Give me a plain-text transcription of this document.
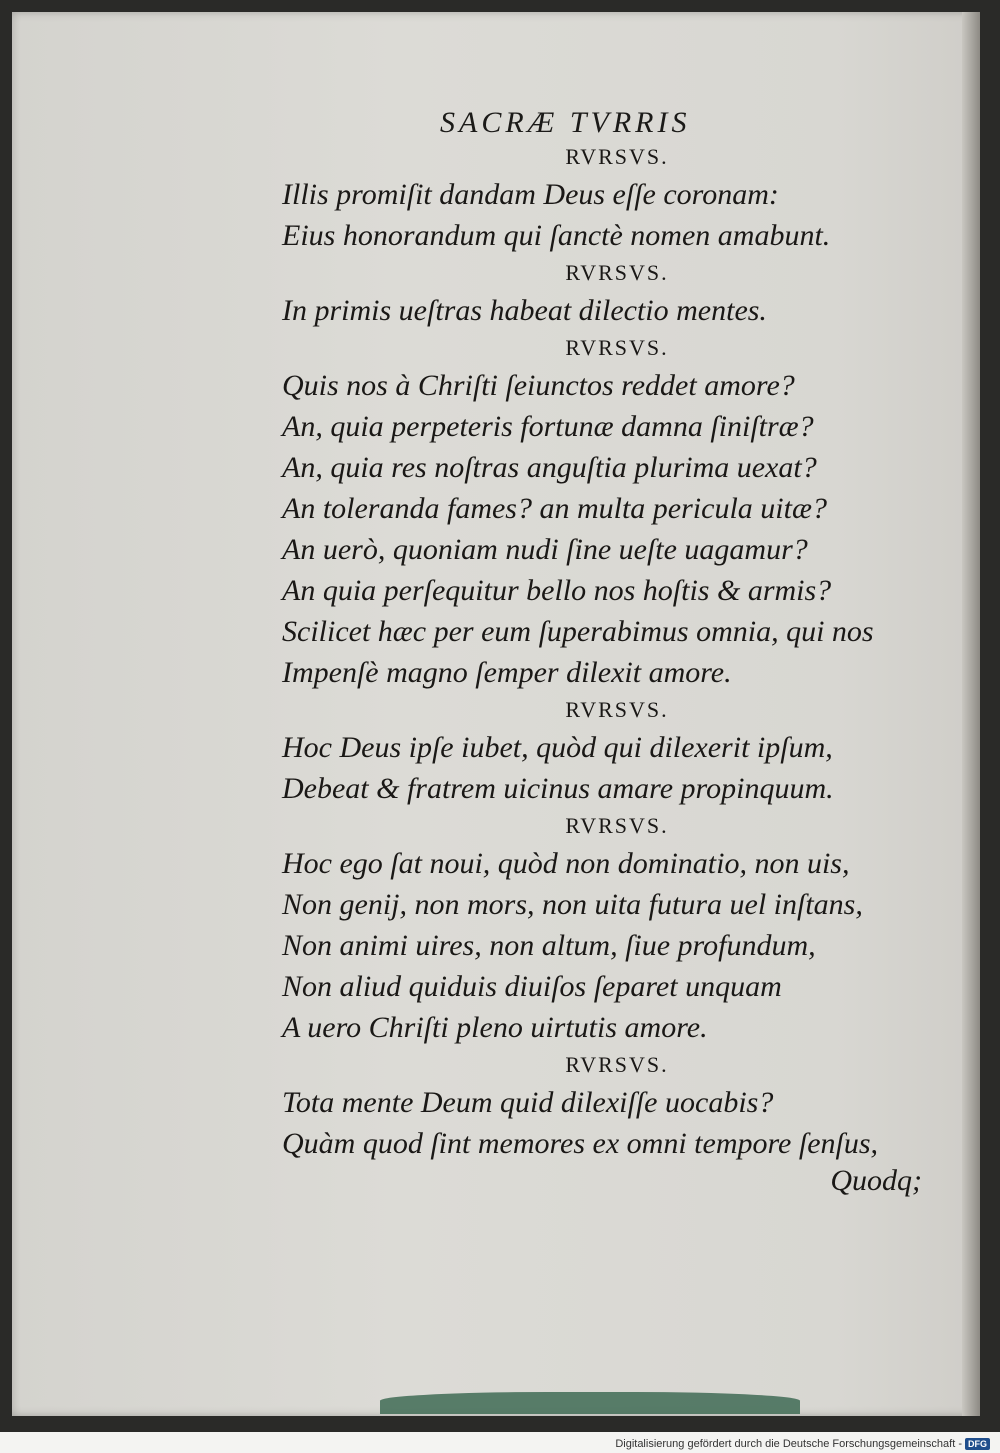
SACRÆ TVRRIS
RVRSVS.
Illis promiſit dandam Deus eſſe coronam:
Eius honorandum qui ſanctè nomen amabunt.
RVRSVS.
In primis ueſtras habeat dilectio mentes.
RVRSVS.
Quis nos à Chriſti ſeiunctos reddet amore?
An, quia perpeteris fortunæ damna ſiniſtræ?
An, quia res noſtras anguſtia plurima uexat?
An toleranda fames? an multa pericula uitæ?
An uerò, quoniam nudi ſine ueſte uagamur?
An quia perſequitur bello nos hoſtis & armis?
Scilicet hæc per eum ſuperabimus omnia, qui nos
Impenſè magno ſemper dilexit amore.
RVRSVS.
Hoc Deus ipſe iubet, quòd qui dilexerit ipſum,
Debeat & fratrem uicinus amare propinquum.
RVRSVS.
Hoc ego ſat noui, quòd non dominatio, non uis,
Non genij, non mors, non uita futura uel inſtans,
Non animi uires, non altum, ſiue profundum,
Non aliud quiduis diuiſos ſeparet unquam
A uero Chriſti pleno uirtutis amore.
RVRSVS.
Tota mente Deum quid dilexiſſe uocabis?
Quàm quod ſint memores ex omni tempore ſenſus,
Quodq;
Digitalisierung gefördert durch die Deutsche Forschungsgemeinschaft - DFG
